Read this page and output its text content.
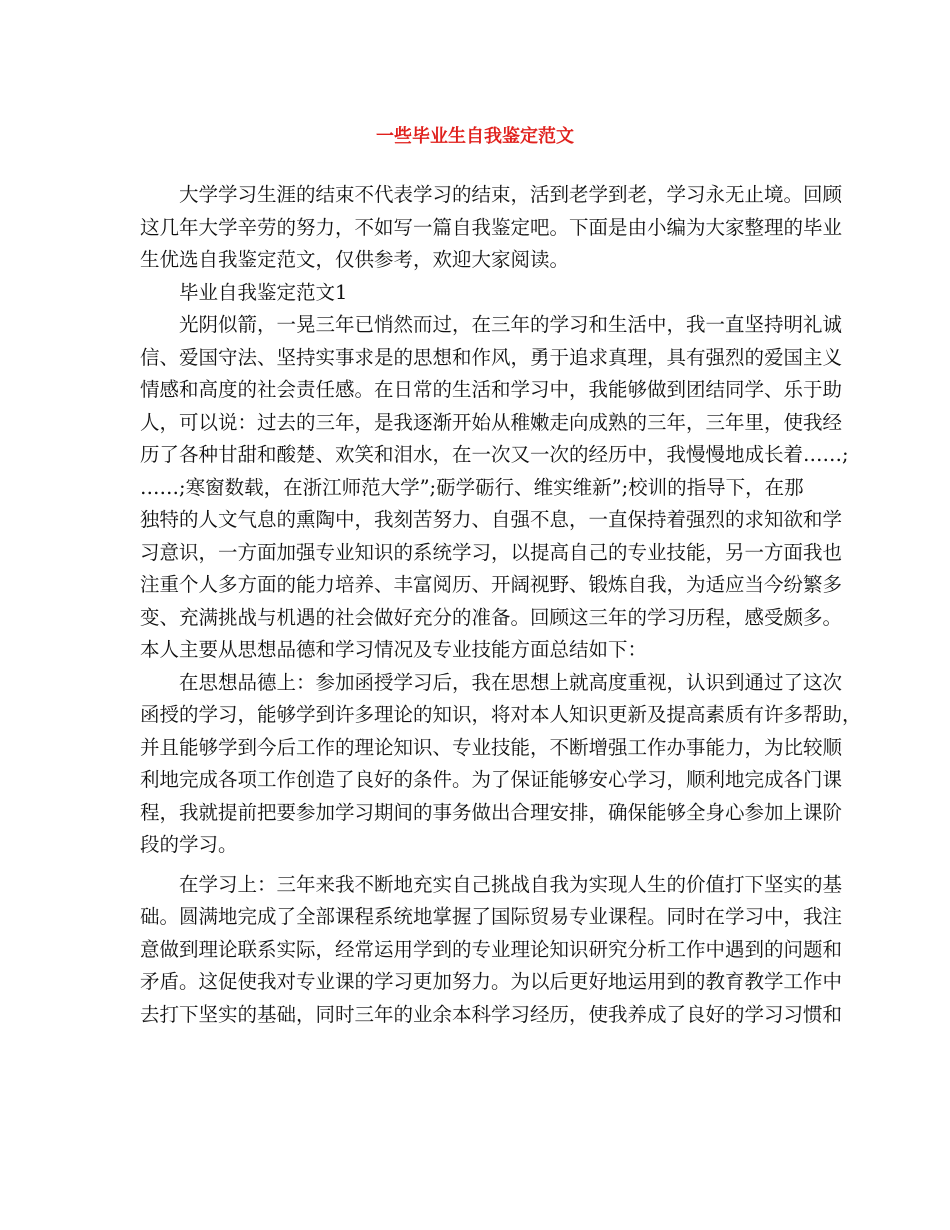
一些毕业生自我鉴定范文

大学学习生涯的结束不代表学习的结束，活到老学到老，学习永无止境。回顾
这几年大学辛劳的努力，不如写一篇自我鉴定吧。下面是由小编为大家整理的毕业
生优选自我鉴定范文，仅供参考，欢迎大家阅读。

毕业自我鉴定范文1

光阴似箭，一晃三年已悄然而过，在三年的学习和生活中，我一直坚持明礼诚
信、爱国守法、坚持实事求是的思想和作风，勇于追求真理，具有强烈的爱国主义
情感和高度的社会责任感。在日常的生活和学习中，我能够做到团结同学、乐于助
人，可以说：过去的三年，是我逐渐开始从稚嫩走向成熟的三年，三年里，使我经
历了各种甘甜和酸楚、欢笑和泪水，在一次又一次的经历中，我慢慢地成长着……;
……;寒窗数载，在浙江师范大学”;砺学砺行、维实维新”;校训的指导下，在那
独特的人文气息的熏陶中，我刻苦努力、自强不息，一直保持着强烈的求知欲和学
习意识，一方面加强专业知识的系统学习，以提高自己的专业技能，另一方面我也
注重个人多方面的能力培养、丰富阅历、开阔视野、锻炼自我，为适应当今纷繁多
变、充满挑战与机遇的社会做好充分的准备。回顾这三年的学习历程，感受颇多。
本人主要从思想品德和学习情况及专业技能方面总结如下：

在思想品德上：参加函授学习后，我在思想上就高度重视，认识到通过了这次
函授的学习，能够学到许多理论的知识，将对本人知识更新及提高素质有许多帮助，
并且能够学到今后工作的理论知识、专业技能，不断增强工作办事能力，为比较顺
利地完成各项工作创造了良好的条件。为了保证能够安心学习，顺利地完成各门课
程，我就提前把要参加学习期间的事务做出合理安排，确保能够全身心参加上课阶
段的学习。

在学习上：三年来我不断地充实自己挑战自我为实现人生的价值打下坚实的基
础。圆满地完成了全部课程系统地掌握了国际贸易专业课程。同时在学习中，我注
意做到理论联系实际，经常运用学到的专业理论知识研究分析工作中遇到的问题和
矛盾。这促使我对专业课的学习更加努力。为以后更好地运用到的教育教学工作中
去打下坚实的基础，同时三年的业余本科学习经历，使我养成了良好的学习习惯和
